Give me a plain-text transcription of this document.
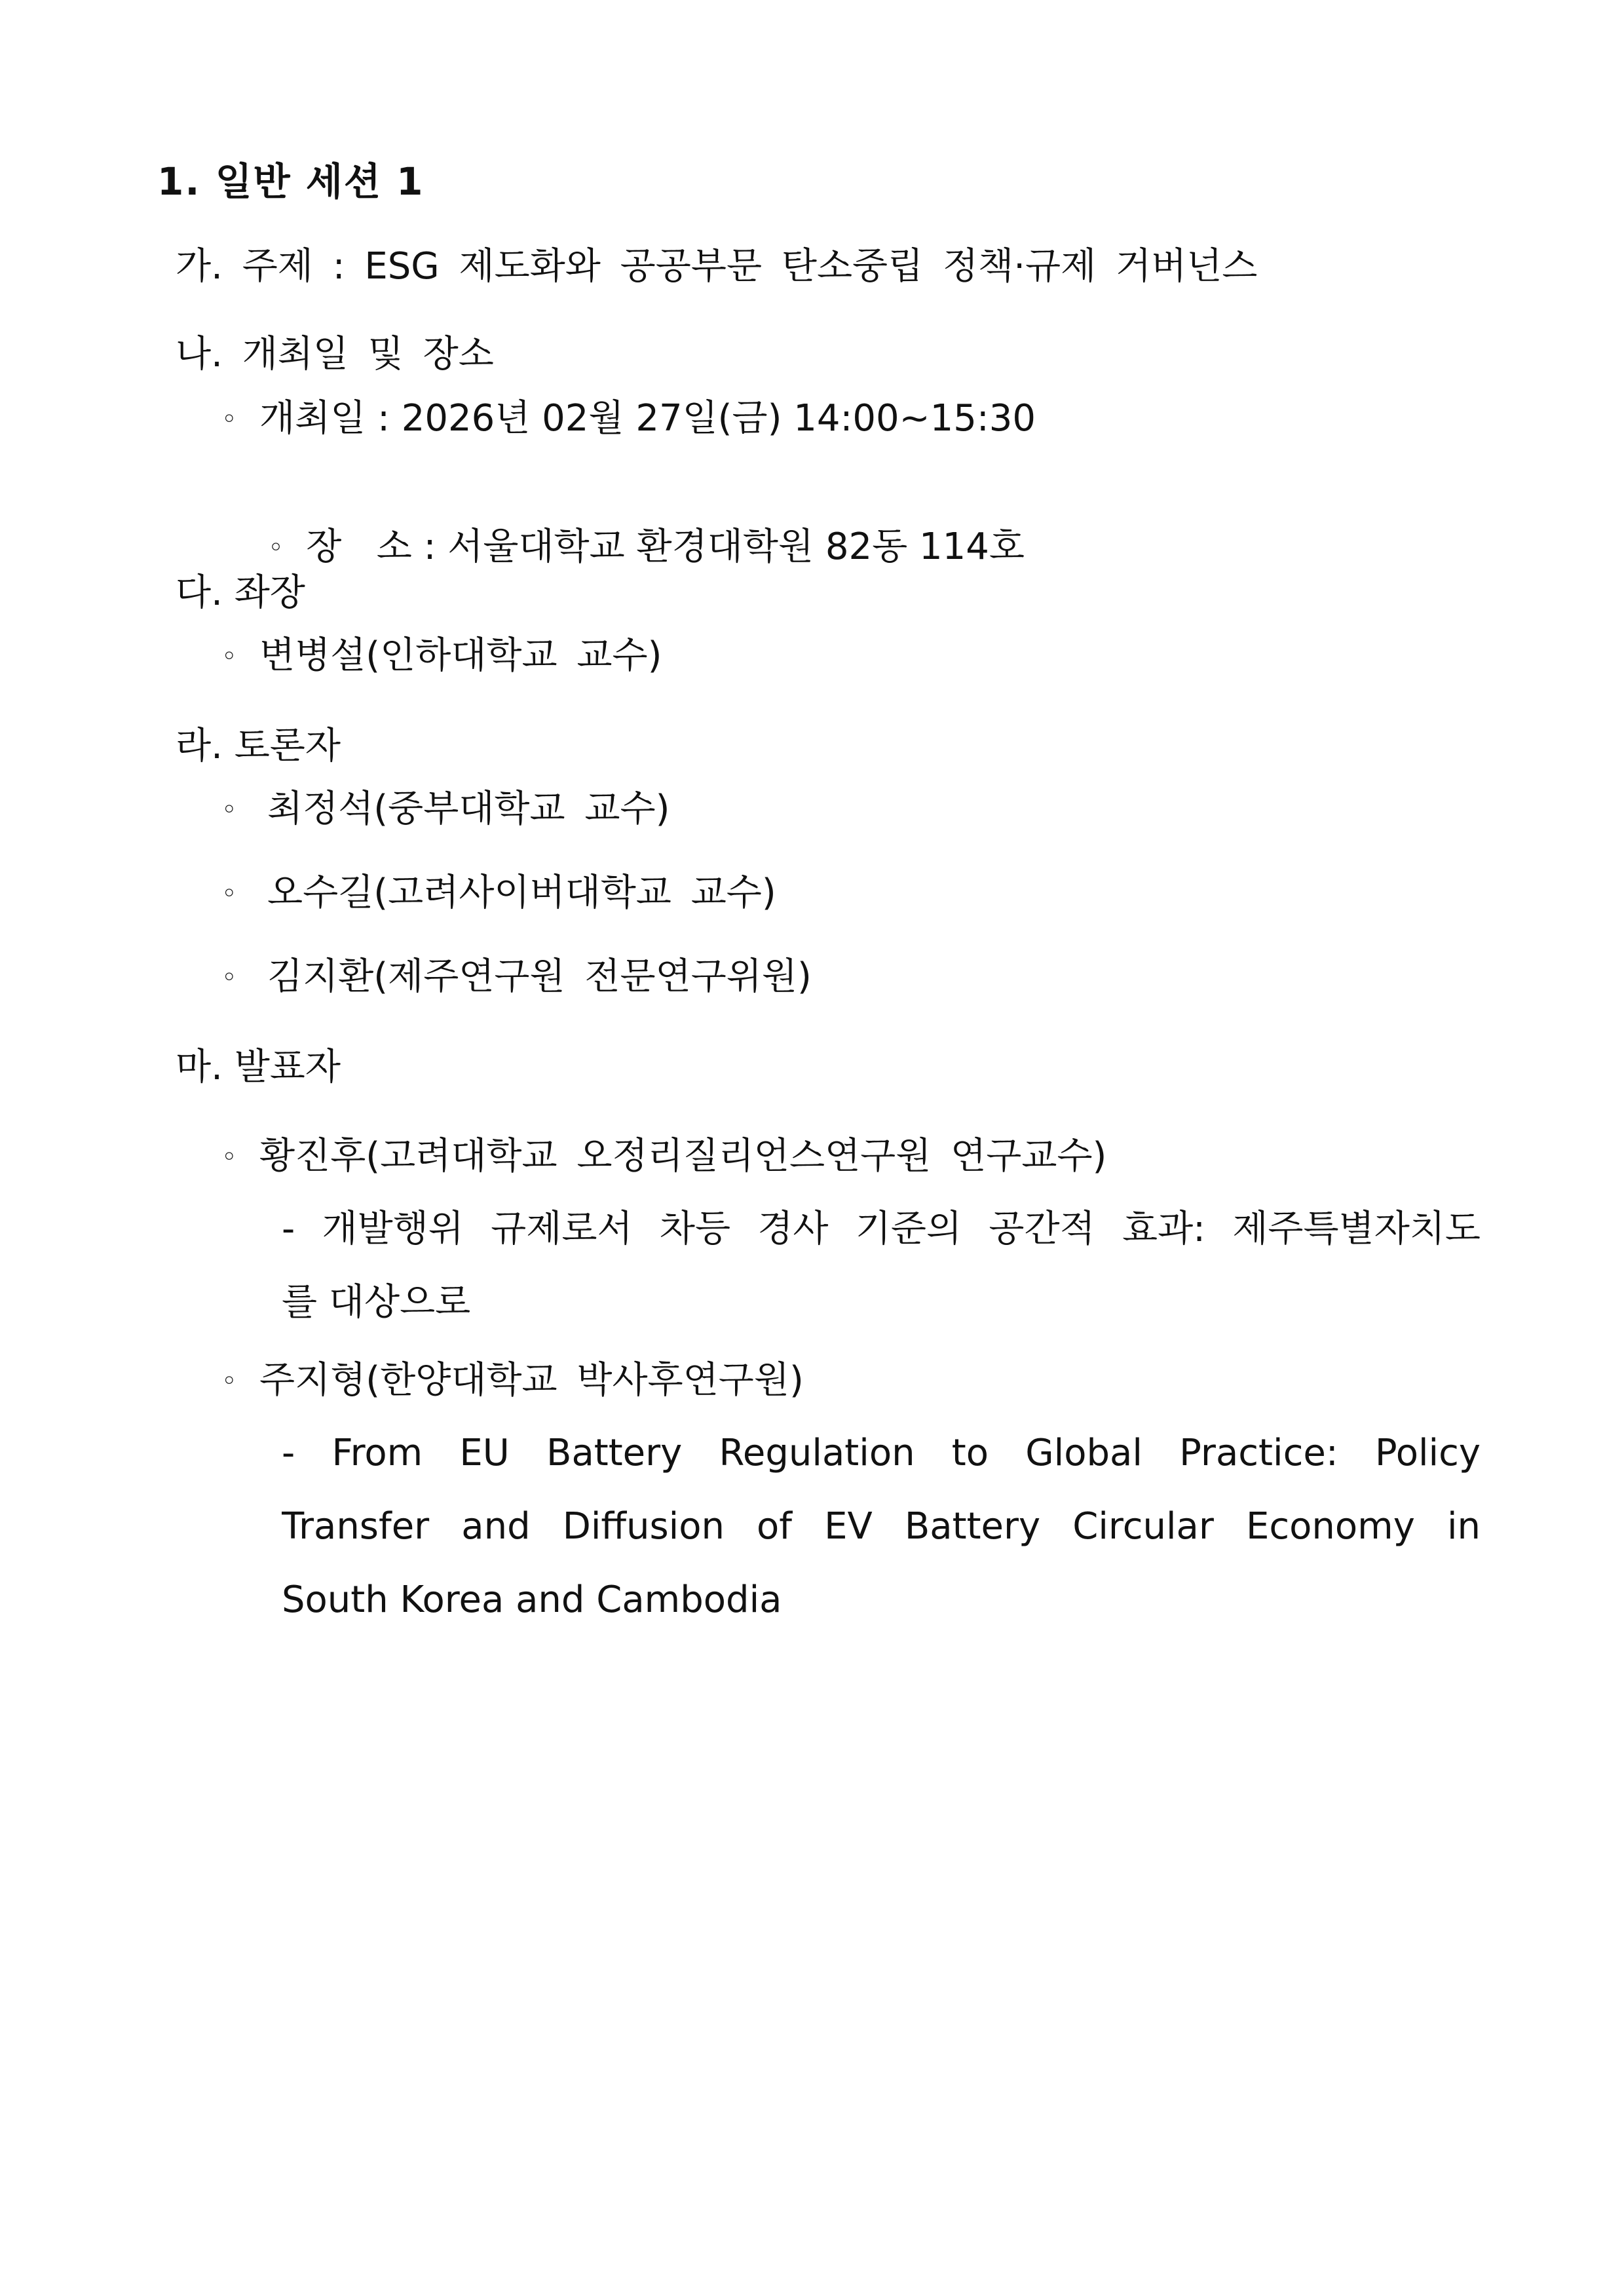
1. 일반 세션 1
가. 주제 : ESG 제도화와 공공부문 탄소중립 정책·규제 거버넌스
나. 개최일 및 장소
◦ 개최일 : 2026년 02월 27일(금) 14:00~15:30

◦ 장   소 : 서울대학교 환경대학원 82동 114호

다. 좌장
◦ 변병설(인하대학교 교수)
라. 토론자
◦ 최정석(중부대학교 교수)
◦ 오수길(고려사이버대학교 교수)
◦ 김지환(제주연구원 전문연구위원)
마. 발표자
◦ 황진후(고려대학교 오정리질리언스연구원 연구교수)
- 개발행위 규제로서 차등 경사 기준의 공간적 효과: 제주특별자치도
를 대상으로
◦ 주지형(한양대학교 박사후연구원)
- From EU Battery Regulation to Global Practice: Policy
Transfer and Diffusion of EV Battery Circular Economy in
South Korea and Cambodia
